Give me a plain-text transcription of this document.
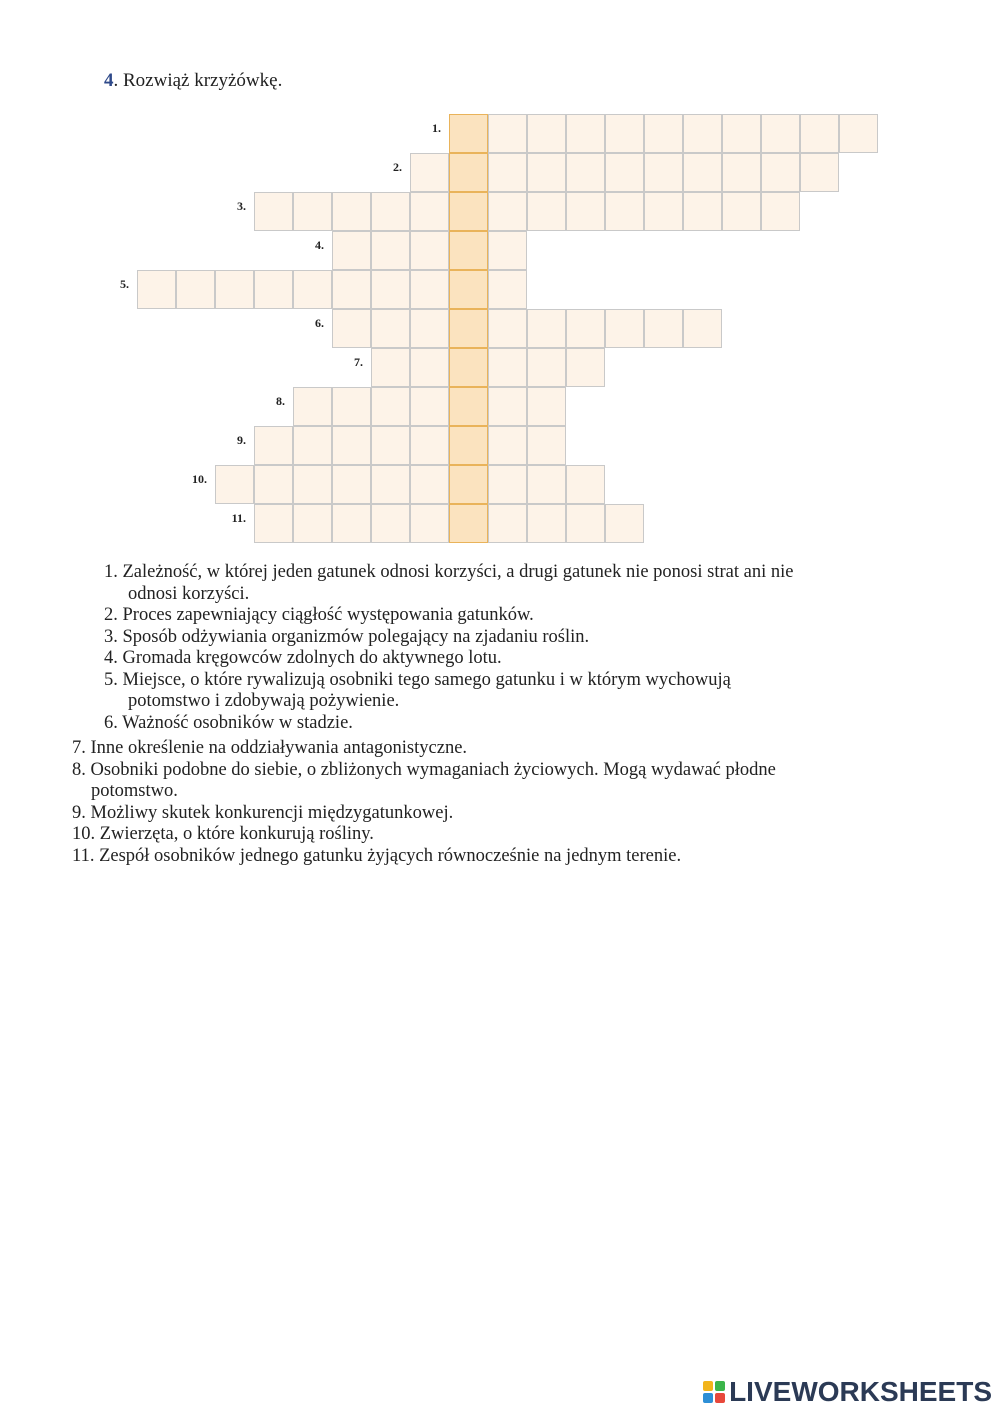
4. Rozwiąż krzyżówkę.
1.
2.
3.
4.
5.
6.
7.
8.
9.
10.
11.
1. Zależność, w której jeden gatunek odnosi korzyści, a drugi gatunek nie ponosi strat ani nie
odnosi korzyści.
2. Proces zapewniający ciągłość występowania gatunków.
3. Sposób odżywiania organizmów polegający na zjadaniu roślin.
4. Gromada kręgowców zdolnych do aktywnego lotu.
5. Miejsce, o które rywalizują osobniki tego samego gatunku i w którym wychowują
potomstwo i zdobywają pożywienie.
6. Ważność osobników w stadzie.
7. Inne określenie na oddziaływania antagonistyczne.
8. Osobniki podobne do siebie, o zbliżonych wymaganiach życiowych. Mogą wydawać płodne
potomstwo.
9. Możliwy skutek konkurencji międzygatunkowej.
10. Zwierzęta, o które konkurują rośliny.
11. Zespół osobników jednego gatunku żyjących równocześnie na jednym terenie.
LIVEWORKSHEETS
